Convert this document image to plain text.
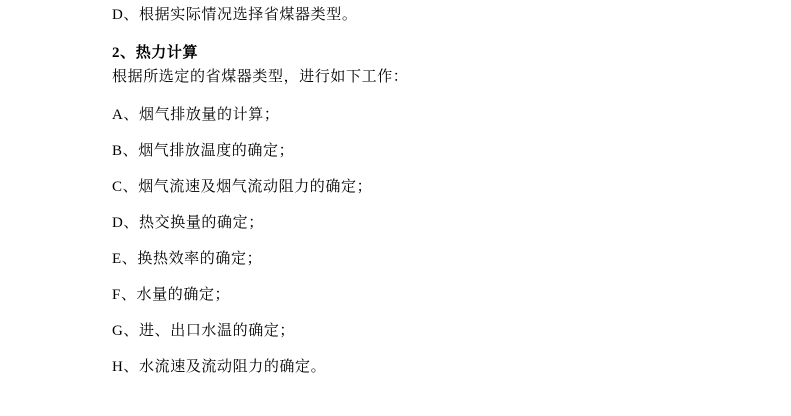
D、根据实际情况选择省煤器类型。
2、热力计算
根据所选定的省煤器类型，进行如下工作：
A、烟气排放量的计算；
B、烟气排放温度的确定；
C、烟气流速及烟气流动阻力的确定；
D、热交换量的确定；
E、换热效率的确定；
F、水量的确定；
G、进、出口水温的确定；
H、水流速及流动阻力的确定。
